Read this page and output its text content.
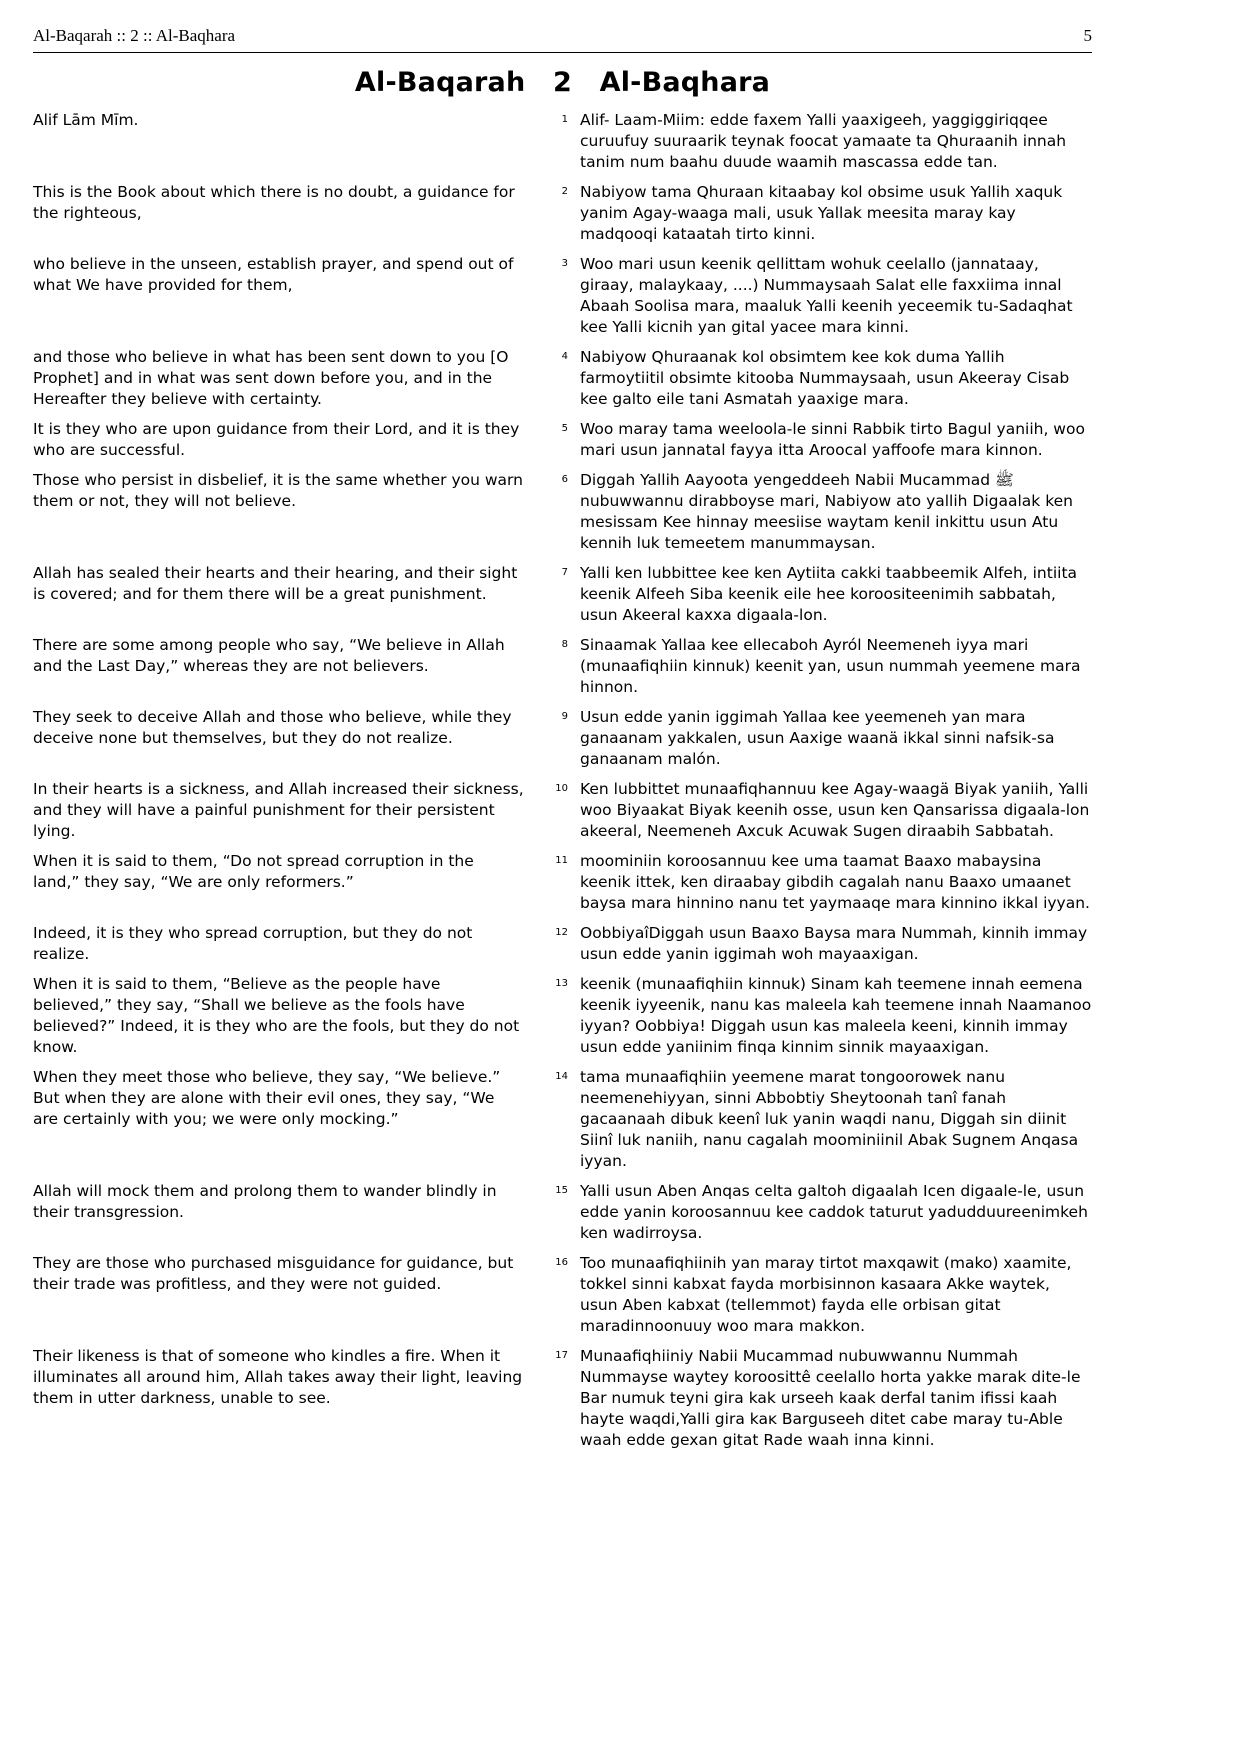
Al-Baqarah :: 2 :: Al-Baqhara	5
Al-Baqarah 2 Al-Baqhara
Alif Lām Mīm.	1 Alif- Laam-Miim: edde faxem Yalli yaaxigeeh, yaggiggiriqqee curuufuy suuraarik teynak foocat yamaate ta Qhuraanih innah tanim num baahu duude waamih mascassa edde tan.
This is the Book about which there is no doubt, a guidance for the righteous,
2 Nabiyow tama Qhuraan kitaabay kol obsime usuk Yallih xaquk yanim Agay-waaga mali, usuk Yallak meesita maray kay madqooqi kataatah tirto kinni.
who believe in the unseen, establish prayer, and spend out of what We have provided for them,
3 Woo mari usun keenik qellittam wohuk ceelallo (jannataay, giraay, malaykaay, ....) Nummaysaah Salat elle faxxiima innal Abaah Soolisa mara, maaluk Yalli keenih yeceemik tu-Sadaqhat kee Yalli kicnih yan gital yacee mara kinni.
and those who believe in what has been sent down to you [O Prophet] and in what was sent down before you, and in the Hereafter they believe with certainty.
4 Nabiyow Qhuraanak kol obsimtem kee kok duma Yallih farmoytiitil obsimte kitooba Nummaysaah, usun Akeeray Cisab kee galto eile tani Asmatah yaaxige mara.
It is they who are upon guidance from their Lord, and it is they who are successful.
5 Woo maray tama weeloola-le sinni Rabbik tirto Bagul yaniih, woo mari usun jannatal fayya itta Aroocal yaffoofe mara kinnon.
Those who persist in disbelief, it is the same whether you warn them or not, they will not believe.
6 Diggah Yallih Aayoota yengeddeeh Nabii Mucammad ﷺ nubuwwannu dirabboyse mari, Nabiyow ato yallih Digaalak ken mesissam Kee hinnay meesiise waytam kenil inkittu usun Atu kennih luk temeetem manummaysan.
Allah has sealed their hearts and their hearing, and their sight is covered; and for them there will be a great punishment.
7 Yalli ken lubbittee kee ken Aytiita cakki taabbeemik Alfeh, intiita keenik Alfeeh Siba keenik eile hee koroositeenimih sabbatah, usun Akeeral kaxxa digaala-lon.
There are some among people who say, “We believe in Allah and the Last Day,” whereas they are not believers.
8 Sinaamak Yallaa kee ellecaboh Ayról Neemeneh iyya mari (munaafiqhiin kinnuk) keenit yan, usun nummah yeemene mara hinnon.
They seek to deceive Allah and those who believe, while they deceive none but themselves, but they do not realize.
9 Usun edde yanin iggimah Yallaa kee yeemeneh yan mara ganaanam yakkalen, usun Aaxige waanä ikkal sinni nafsik-sa ganaanam malón.
In their hearts is a sickness, and Allah increased their sickness, and they will have a painful punishment for their persistent lying.
10 Ken lubbittet munaafiqhannuu kee Agay-waagä Biyak yaniih, Yalli woo Biyaakat Biyak keenih osse, usun ken Qansarissa digaala-lon akeeral, Neemeneh Axcuk Acuwak Sugen diraabih Sabbatah.
When it is said to them, “Do not spread corruption in the land,” they say, “We are only reformers.”
11 moominiin koroosannuu kee uma taamat Baaxo mabaysina keenik ittek, ken diraabay gibdih cagalah nanu Baaxo umaanet baysa mara hinnino nanu tet yaymaaqe mara kinnino ikkal iyyan.
Indeed, it is they who spread corruption, but they do not realize.
12 OobbiyaîDiggah usun Baaxo Baysa mara Nummah, kinnih immay usun edde yanin iggimah woh mayaaxigan.
When it is said to them, “Believe as the people have believed,” they say, “Shall we believe as the fools have believed?” Indeed, it is they who are the fools, but they do not know.
13 keenik (munaafiqhiin kinnuk) Sinam kah teemene innah eemena keenik iyyeenik, nanu kas maleela kah teemene innah Naamanoo iyyan? Oobbiya! Diggah usun kas maleela keeni, kinnih immay usun edde yaniinim finqa kinnim sinnik mayaaxigan.
When they meet those who believe, they say, “We believe.” But when they are alone with their evil ones, they say, “We are certainly with you; we were only mocking.”
14 tama munaafiqhiin yeemene marat tongoorowek nanu neemenehiyyan, sinni Abbobtiy Sheytoonah tanî fanah gacaanaah dibuk keenî luk yanin waqdi nanu, Diggah sin diinit Siinî luk naniih, nanu cagalah moominiinil Abak Sugnem Anqasa iyyan.
Allah will mock them and prolong them to wander blindly in their transgression.
15 Yalli usun Aben Anqas celta galtoh digaalah Icen digaale-le, usun edde yanin koroosannuu kee caddok taturut yadudduureenimkeh ken wadirroysa.
They are those who purchased misguidance for guidance, but their trade was profitless, and they were not guided.
16 Too munaafiqhiinih yan maray tirtot maxqawit (mako) xaamite, tokkel sinni kabxat fayda morbisinnon kasaara Akke waytek, usun Aben kabxat (tellemmot) fayda elle orbisan gitat maradinnoonuuy woo mara makkon.
Their likeness is that of someone who kindles a fire. When it illuminates all around him, Allah takes away their light, leaving them in utter darkness, unable to see.
17 Munaafiqhiiniy Nabii Mucammad nubuwwannu Nummah Nummayse waytey koroosittê ceelallo horta yakke marak dite-le Bar numuk teyni gira kak urseeh kaak derfal tanim ifissi kaah hayte waqdi,Yalli gira kaĸ Barguseeh ditet cabe maray tu-Able waah edde gexan gitat Rade waah inna kinni.
